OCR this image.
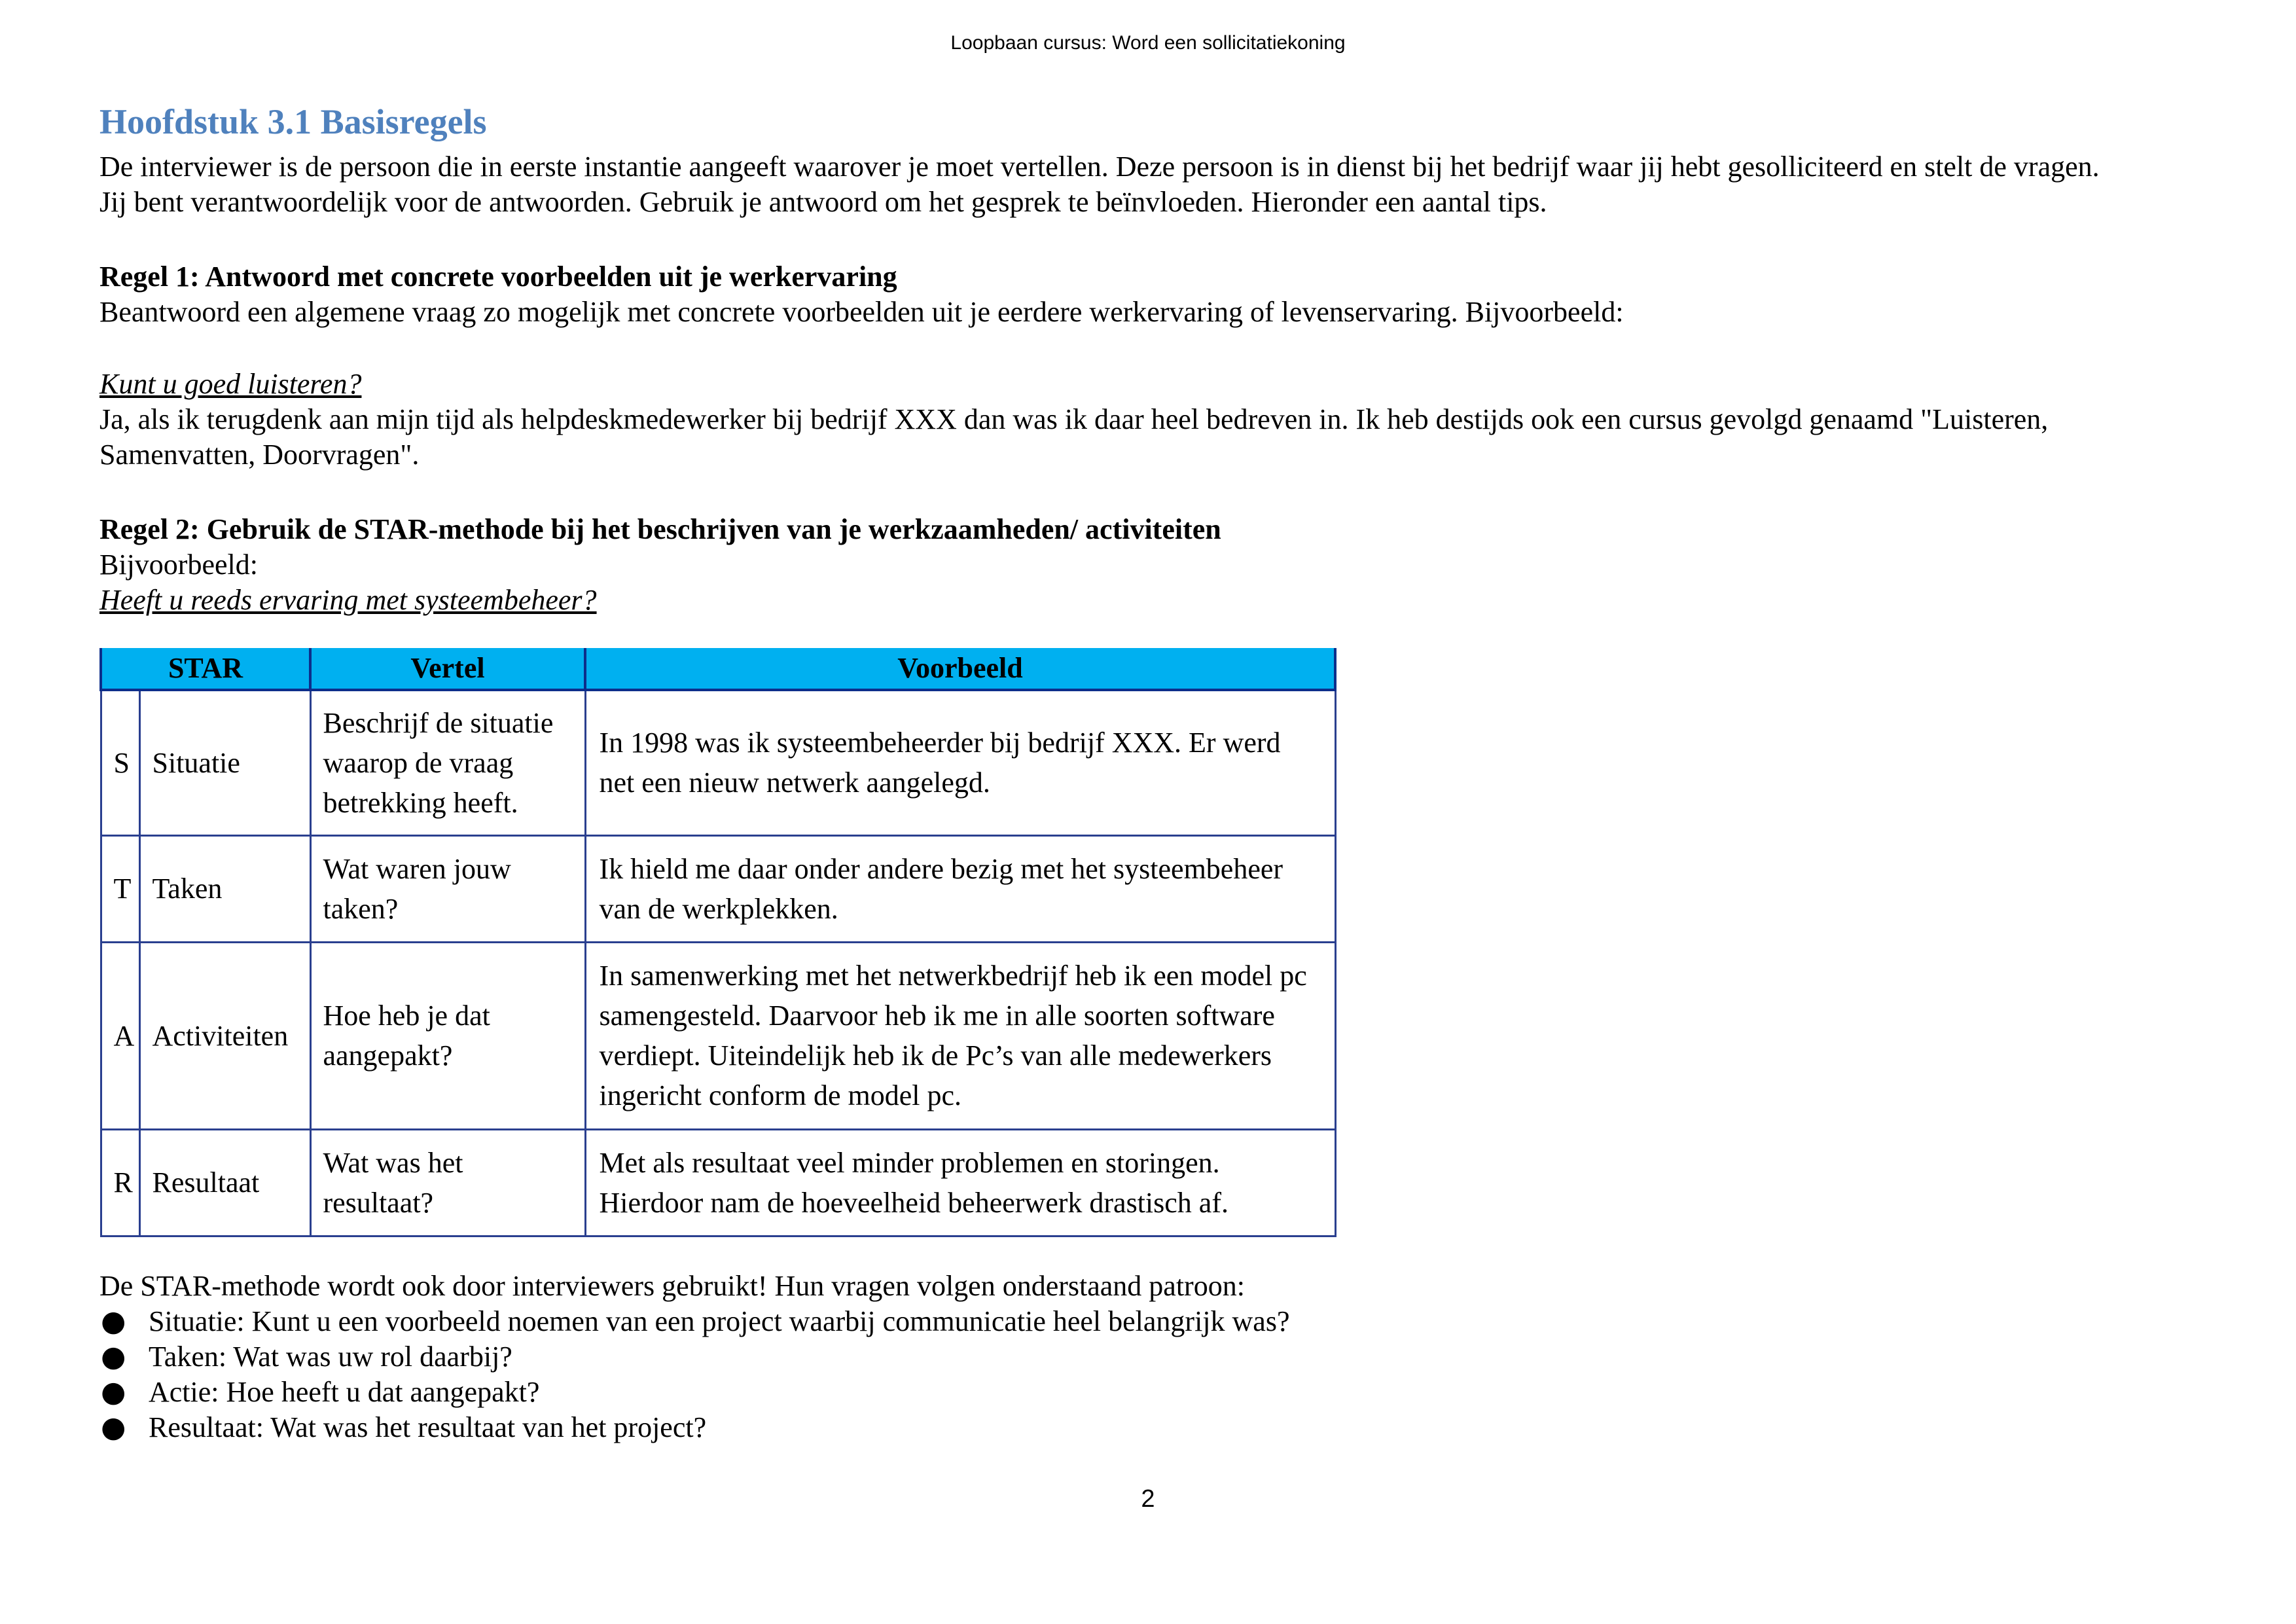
Loopbaan cursus: Word een sollicitatiekoning
Hoofdstuk 3.1 Basisregels

De interviewer is de persoon die in eerste instantie aangeeft waarover je moet vertellen. Deze persoon is in dienst bij het bedrijf waar jij hebt gesolliciteerd en stelt de vragen.

Jij bent verantwoordelijk voor de antwoorden. Gebruik je antwoord om het gesprek te beïnvloeden. Hieronder een aantal tips.

Regel 1: Antwoord met concrete voorbeelden uit je werkervaring

Beantwoord een algemene vraag zo mogelijk met concrete voorbeelden uit je eerdere werkervaring of levenservaring. Bijvoorbeeld:

Kunt u goed luisteren?

Ja, als ik terugdenk aan mijn tijd als helpdeskmedewerker bij bedrijf XXX dan was ik daar heel bedreven in. Ik heb destijds ook een cursus gevolgd genaamd "Luisteren,

Samenvatten, Doorvragen".

Regel 2: Gebruik de STAR-methode bij het beschrijven van je werkzaamheden/ activiteiten

Bijvoorbeeld:

Heeft u reeds ervaring met systeembeheer?

STAR		Vertel	Voorbeeld
S	Situatie	Beschrijf de situatie waarop de vraag betrekking heeft.	In 1998 was ik systeembeheerder bij bedrijf XXX. Er werd net een nieuw netwerk aangelegd.
T	Taken	Wat waren jouw taken?	Ik hield me daar onder andere bezig met het systeembeheer van de werkplekken.
A	Activiteiten	Hoe heb je dat aangepakt?	In samenwerking met het netwerkbedrijf heb ik een model pc samengesteld. Daarvoor heb ik me in alle soorten software verdiept. Uiteindelijk heb ik de Pc’s van alle medewerkers ingericht conform de model pc.
R	Resultaat	Wat was het resultaat?	Met als resultaat veel minder problemen en storingen. Hierdoor nam de hoeveelheid beheerwerk drastisch af.

De STAR-methode wordt ook door interviewers gebruikt! Hun vragen volgen onderstaand patroon:

● Situatie: Kunt u een voorbeeld noemen van een project waarbij communicatie heel belangrijk was?
● Taken: Wat was uw rol daarbij?
● Actie: Hoe heeft u dat aangepakt?
● Resultaat: Wat was het resultaat van het project?
2
